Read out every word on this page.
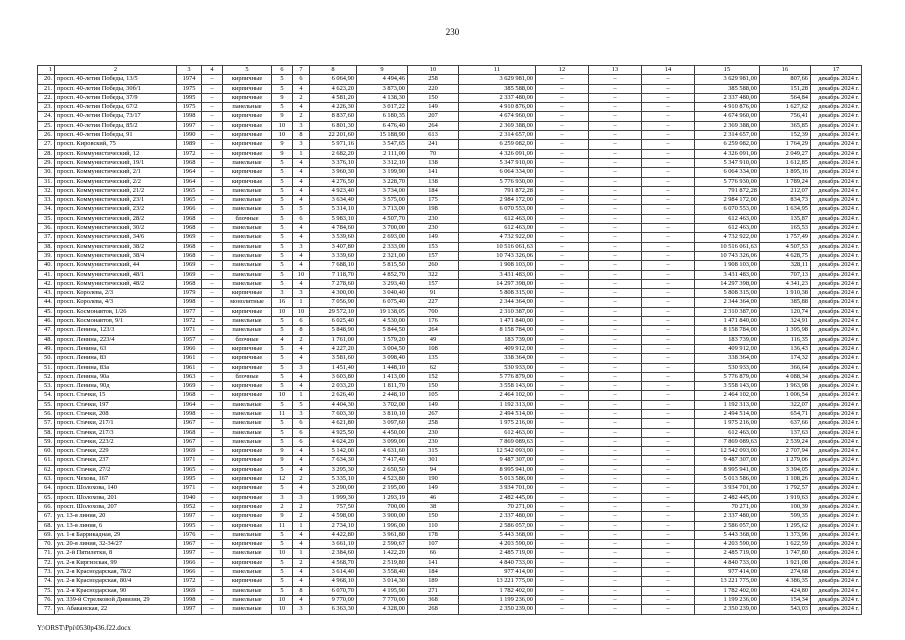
230
1	2	3	4	5	6	7	8	9	10	11	12	13	14	15	16	17
20.	просп. 40-летия Победы, 13/5	1974	–	кирпичные	5	6	6 064,90	4 494,46	258	3 629 981,00	–	–	–	3 629 981,00	807,66	декабрь 2024 г.
21.	просп. 40-летия Победы, 30б/1	1975	–	кирпичные	5	4	4 623,20	3 873,00	220	385 588,00	–	–	–	385 588,00	151,28	декабрь 2024 г.
22.	просп. 40-летия Победы, 37/9	1995	–	кирпичные	9	2	4 581,20	4 138,30	150	2 337 480,00	–	–	–	2 337 480,00	564,84	декабрь 2024 г.
23.	просп. 40-летия Победы, 67/2	1975	–	панельные	5	4	4 226,30	3 017,22	149	4 910 876,00	–	–	–	4 910 876,00	1 627,62	декабрь 2024 г.
24.	просп. 40-летия Победы, 73/17	1998	–	кирпичные	9	2	8 837,60	6 180,35	207	4 674 960,00	–	–	–	4 674 960,00	756,41	декабрь 2024 г.
25.	просп. 40-летия Победы, 85/2	1997	–	кирпичные	10	3	6 801,30	6 476,40	264	2 369 388,00	–	–	–	2 369 388,00	365,85	декабрь 2024 г.
26.	просп. 40-летия Победы, 91	1990	–	кирпичные	10	8	22 201,60	15 188,90	613	2 314 657,00	–	–	–	2 314 657,00	152,39	декабрь 2024 г.
27.	просп. Кировский, 75	1989	–	кирпичные	9	3	5 971,16	3 547,65	241	6 259 082,00	–	–	–	6 259 082,00	1 764,29	декабрь 2024 г.
28.	просп. Коммунистический, 12	1972	–	кирпичные	9	1	2 682,20	2 111,00	70	4 326 091,00	–	–	–	4 326 091,00	2 049,27	декабрь 2024 г.
29.	просп. Коммунистический, 19/1	1968	–	панельные	5	4	3 376,10	3 312,10	138	5 347 910,00	–	–	–	5 347 910,00	1 612,85	декабрь 2024 г.
30.	просп. Коммунистический, 2/1	1964	–	кирпичные	5	4	3 960,30	3 199,90	141	6 064 334,00	–	–	–	6 064 334,00	1 895,16	декабрь 2024 г.
31.	просп. Коммунистический, 2/2	1964	–	кирпичные	5	4	4 276,50	3 228,70	138	5 776 930,00	–	–	–	5 776 930,00	1 789,24	декабрь 2024 г.
32.	просп. Коммунистический, 21/2	1965	–	панельные	5	4	4 923,40	3 734,00	184	791 872,28	–	–	–	791 872,28	212,07	декабрь 2024 г.
33.	просп. Коммунистический, 23/1	1965	–	панельные	5	4	3 634,40	3 575,00	175	2 984 172,00	–	–	–	2 984 172,00	834,73	декабрь 2024 г.
34.	просп. Коммунистический, 23/2	1966	–	панельные	5	5	5 314,10	3 713,00	198	6 070 553,00	–	–	–	6 070 553,00	1 634,95	декабрь 2024 г.
35.	просп. Коммунистический, 28/2	1968	–	блочные	5	6	5 983,10	4 507,70	230	612 463,00	–	–	–	612 463,00	135,87	декабрь 2024 г.
36.	просп. Коммунистический, 30/2	1968	–	панельные	5	4	4 784,60	3 700,00	230	612 463,00	–	–	–	612 463,00	165,53	декабрь 2024 г.
37.	просп. Коммунистический, 34/6	1969	–	панельные	5	4	3 539,60	2 693,00	149	4 732 922,00	–	–	–	4 732 922,00	1 757,49	декабрь 2024 г.
38.	просп. Коммунистический, 38/2	1968	–	панельные	5	3	3 407,80	2 333,00	153	10 516 061,63	–	–	–	10 516 061,63	4 507,53	декабрь 2024 г.
39.	просп. Коммунистический, 38/4	1968	–	панельные	5	4	3 339,60	2 321,00	157	10 743 326,06	–	–	–	10 743 326,06	4 628,75	декабрь 2024 г.
40.	просп. Коммунистический, 44	1969	–	панельные	5	4	7 688,10	5 815,50	260	1 908 103,00	–	–	–	1 908 103,00	328,11	декабрь 2024 г.
41.	просп. Коммунистический, 48/1	1969	–	панельные	5	10	7 118,70	4 852,70	322	3 431 483,00	–	–	–	3 431 483,00	707,13	декабрь 2024 г.
42.	просп. Коммунистический, 48/2	1968	–	панельные	5	4	7 278,60	3 293,40	157	14 297 398,00	–	–	–	14 297 398,00	4 341,23	декабрь 2024 г.
43.	просп. Королева, 2/3	1979	–	кирпичные	3	3	4 300,00	3 040,40	91	5 808 315,00	–	–	–	5 808 315,00	1 910,38	декабрь 2024 г.
44.	просп. Королева, 4/3	1998	–	монолитные	16	1	7 056,90	6 075,40	227	2 344 364,00	–	–	–	2 344 364,00	385,88	декабрь 2024 г.
45.	просп. Космонавтов, 1/26	1977	–	кирпичные	10	10	29 572,10	19 138,05	700	2 310 387,00	–	–	–	2 310 387,00	120,74	декабрь 2024 г.
46.	просп. Космонавтов, 9/1	1972	–	панельные	5	6	6 025,40	4 530,00	176	1 471 840,00	–	–	–	1 471 840,00	324,91	декабрь 2024 г.
47.	просп. Ленина, 123/3	1971	–	панельные	5	8	5 848,90	5 844,50	264	8 158 784,00	–	–	–	8 158 784,00	1 395,98	декабрь 2024 г.
48.	просп. Ленина, 223/4	1957	–	блочные	4	2	1 761,00	1 579,20	49	183 739,00	–	–	–	183 739,00	116,35	декабрь 2024 г.
49.	просп. Ленина, 63	1966	–	кирпичные	5	4	4 227,20	3 004,50	108	409 912,00	–	–	–	409 912,00	136,43	декабрь 2024 г.
50.	просп. Ленина, 83	1961	–	кирпичные	5	4	3 581,60	3 098,40	135	338 364,00	–	–	–	338 364,00	174,32	декабрь 2024 г.
51.	просп. Ленина, 83а	1961	–	кирпичные	5	3	1 451,40	1 448,10	62	530 933,00	–	–	–	530 933,00	366,64	декабрь 2024 г.
52.	просп. Ленина, 90а	1963	–	блочные	5	4	3 603,80	1 413,00	152	5 776 879,00	–	–	–	5 776 879,00	4 088,34	декабрь 2024 г.
53.	просп. Ленина, 90д	1969	–	кирпичные	5	4	2 033,20	1 811,70	150	3 558 143,00	–	–	–	3 558 143,00	1 963,98	декабрь 2024 г.
54.	просп. Стачки, 15	1968	–	кирпичные	10	1	2 626,40	2 448,10	105	2 464 102,00	–	–	–	2 464 102,00	1 006,54	декабрь 2024 г.
55.	просп. Стачки, 197	1964	–	панельные	5	5	4 404,30	3 702,00	149	1 192 313,00	–	–	–	1 192 313,00	322,07	декабрь 2024 г.
56.	просп. Стачки, 208	1998	–	панельные	11	3	7 603,30	3 810,10	267	2 494 514,00	–	–	–	2 494 514,00	654,71	декабрь 2024 г.
57.	просп. Стачки, 217/1	1967	–	панельные	5	6	4 621,80	3 097,60	258	1 975 216,00	–	–	–	1 975 216,00	637,66	декабрь 2024 г.
58.	просп. Стачки, 217/3	1968	–	панельные	5	6	4 925,50	4 450,00	230	612 463,00	–	–	–	612 463,00	137,63	декабрь 2024 г.
59.	просп. Стачки, 223/2	1967	–	панельные	5	6	4 624,20	3 099,00	230	7 869 089,63	–	–	–	7 869 089,63	2 539,24	декабрь 2024 г.
60.	просп. Стачки, 229	1969	–	кирпичные	9	4	5 142,00	4 631,60	315	12 542 093,00	–	–	–	12 542 093,00	2 707,94	декабрь 2024 г.
61.	просп. Стачки, 237	1971	–	кирпичные	9	4	7 634,30	7 417,40	301	9 487 307,00	–	–	–	9 487 307,00	1 279,06	декабрь 2024 г.
62.	просп. Стачки, 27/2	1965	–	кирпичные	5	4	3 295,30	2 650,50	94	8 995 941,00	–	–	–	8 995 941,00	3 394,05	декабрь 2024 г.
63.	просп. Чехова, 167	1995	–	кирпичные	12	2	5 335,10	4 523,80	190	5 013 586,00	–	–	–	5 013 586,00	1 108,26	декабрь 2024 г.
64.	просп. Шолохова, 140	1971	–	кирпичные	5	4	3 290,00	2 195,00	149	3 934 701,00	–	–	–	3 934 701,00	1 792,57	декабрь 2024 г.
65.	просп. Шолохова, 201	1940	–	кирпичные	3	3	1 999,30	1 293,19	46	2 482 445,00	–	–	–	2 482 445,00	1 919,63	декабрь 2024 г.
66.	просп. Шолохова, 207	1952	–	кирпичные	2	2	757,50	700,00	38	70 271,00	–	–	–	70 271,00	100,39	декабрь 2024 г.
67.	ул. 13-я линия, 20	1997	–	кирпичные	9	2	4 598,00	3 900,00	150	2 337 480,00	–	–	–	2 337 480,00	599,35	декабрь 2024 г.
68.	ул. 13-я линия, 6	1995	–	кирпичные	11	1	2 734,10	1 996,00	110	2 586 057,00	–	–	–	2 586 057,00	1 295,62	декабрь 2024 г.
69.	ул. 1-я Баррикадная, 29	1976	–	панельные	5	4	4 422,80	3 961,80	178	5 443 368,00	–	–	–	5 443 368,00	1 373,96	декабрь 2024 г.
70.	ул. 20-я линия, 32-34/27	1967	–	кирпичные	5	4	3 661,10	2 590,67	107	4 203 590,00	–	–	–	4 203 590,00	1 622,59	декабрь 2024 г.
71.	ул. 2-й Пятилетки, 8	1997	–	панельные	10	1	2 384,60	1 422,20	66	2 485 719,00	–	–	–	2 485 719,00	1 747,80	декабрь 2024 г.
72.	ул. 2-я Киргизская, 99	1966	–	кирпичные	5	2	4 568,70	2 519,80	141	4 840 733,00	–	–	–	4 840 733,00	1 921,08	декабрь 2024 г.
73.	ул. 2-я Краснодарская, 78/2	1966	–	панельные	5	4	3 614,40	3 558,40	184	977 414,00	–	–	–	977 414,00	274,68	декабрь 2024 г.
74.	ул. 2-я Краснодарская, 80/4	1972	–	кирпичные	5	4	4 968,10	3 014,30	189	13 221 775,00	–	–	–	13 221 775,00	4 386,35	декабрь 2024 г.
75.	ул. 2-я Краснодарская, 90	1969	–	панельные	5	8	6 070,70	4 195,90	271	1 782 402,00	–	–	–	1 782 402,00	424,80	декабрь 2024 г.
76.	ул. 339-й Стрелковой Дивизии, 29	1998	–	панельные	10	4	9 770,00	7 770,00	368	1 199 236,00	–	–	–	1 199 236,00	154,34	декабрь 2024 г.
77.	ул. Абаканская, 22	1997	–	панельные	10	3	6 363,30	4 328,00	268	2 350 239,00	–	–	–	2 350 239,00	543,03	декабрь 2024 г.
Y:\ORST\Ppi\0530p436.f22.docx
